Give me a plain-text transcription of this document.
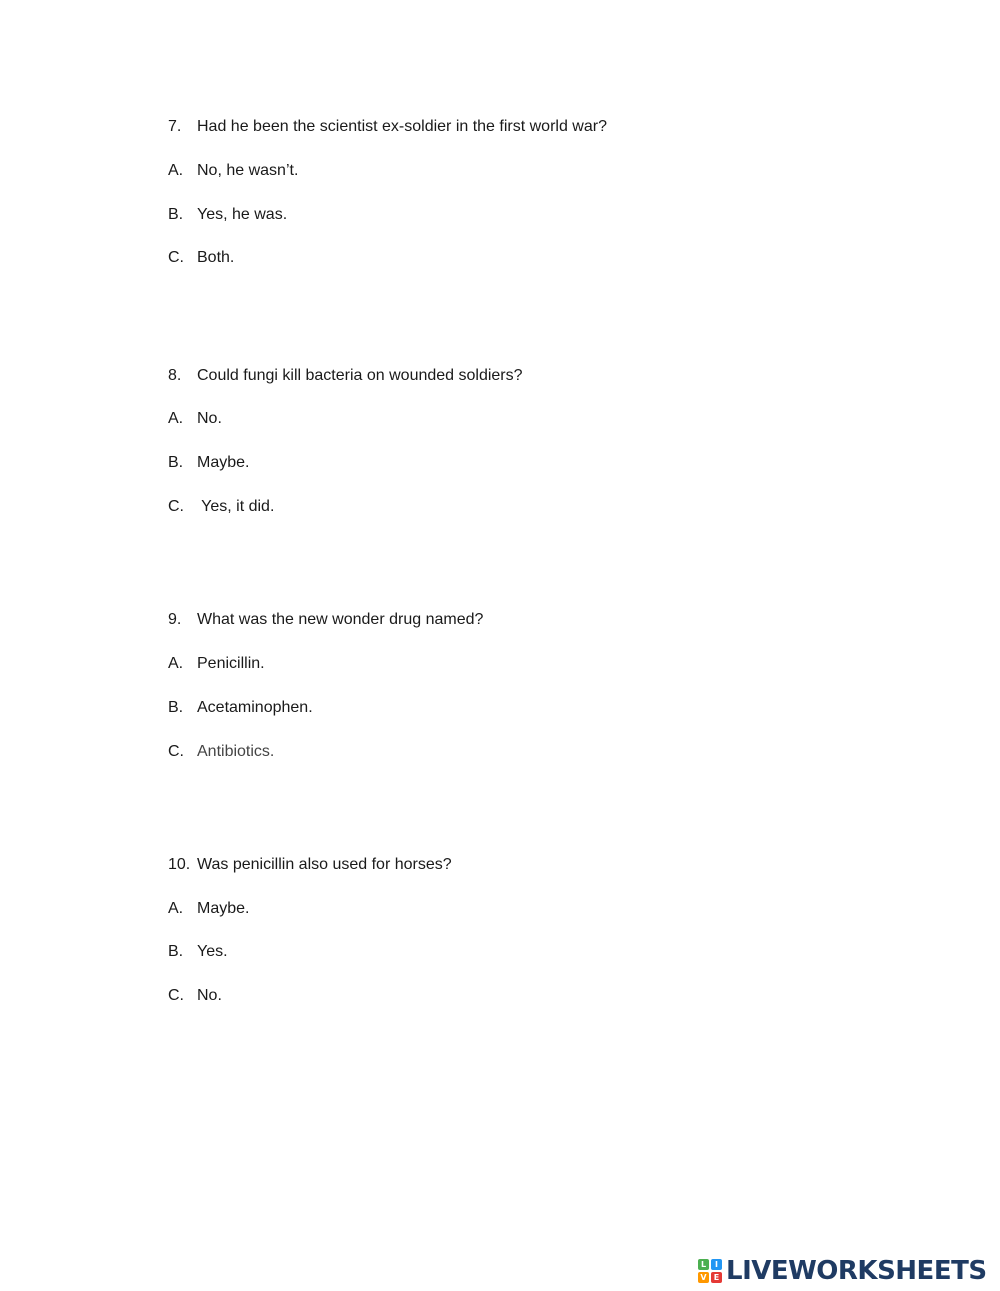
7. Had he been the scientist ex-soldier in the first world war?
A. No, he wasn’t.
B. Yes, he was.
C. Both.
8. Could fungi kill bacteria on wounded soldiers?
A. No.
B. Maybe.
C. Yes, it did.
9. What was the new wonder drug named?
A. Penicillin.
B. Acetaminophen.
C. Antibiotics.
10. Was penicillin also used for horses?
A. Maybe.
B. Yes.
C. No.
L	I
V E LIVEWORKSHEETS
